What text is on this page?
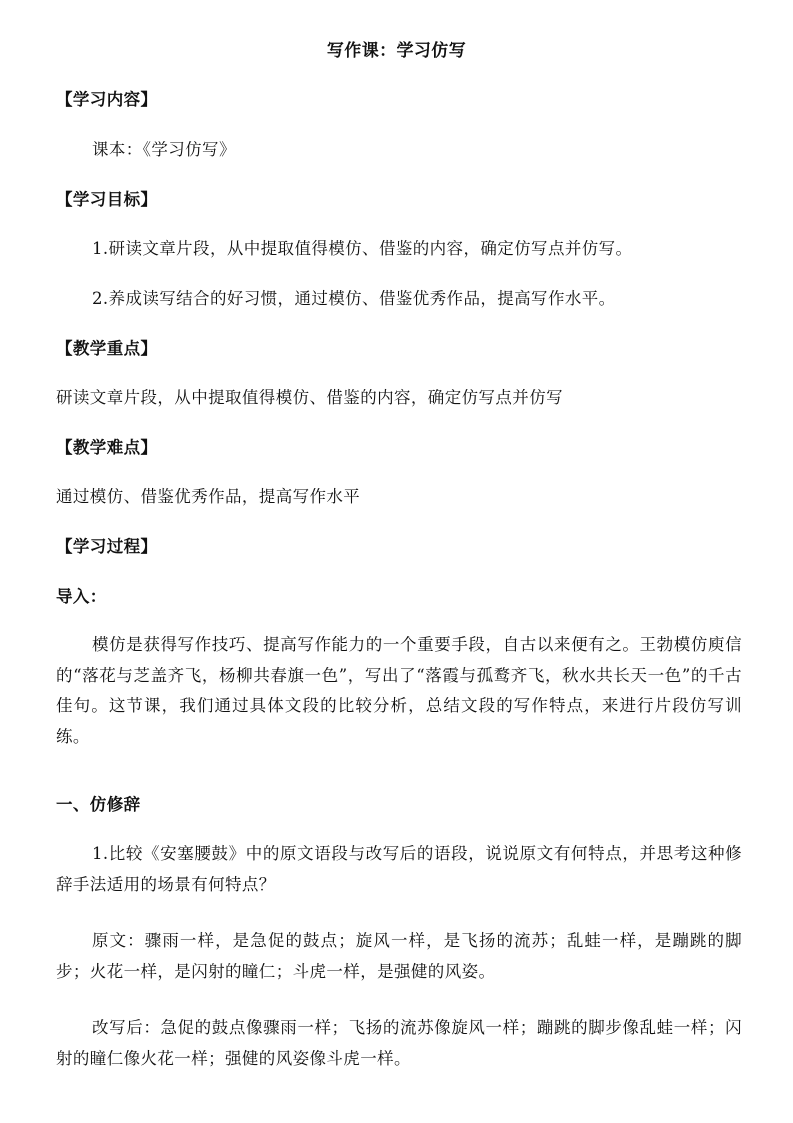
写作课：学习仿写
【学习内容】
课本：《学习仿写》
【学习目标】
1.研读文章片段，从中提取值得模仿、借鉴的内容，确定仿写点并仿写。
2.养成读写结合的好习惯，通过模仿、借鉴优秀作品，提高写作水平。
【教学重点】
研读文章片段，从中提取值得模仿、借鉴的内容，确定仿写点并仿写
【教学难点】
通过模仿、借鉴优秀作品，提高写作水平
【学习过程】
导入：
模仿是获得写作技巧、提高写作能力的一个重要手段，自古以来便有之。王勃模仿庾信的“落花与芝盖齐飞，杨柳共春旗一色”，写出了“落霞与孤鹜齐飞，秋水共长天一色”的千古佳句。这节课，我们通过具体文段的比较分析，总结文段的写作特点，来进行片段仿写训练。
一、仿修辞
1.比较《安塞腰鼓》中的原文语段与改写后的语段，说说原文有何特点，并思考这种修辞手法适用的场景有何特点？
原文：骤雨一样，是急促的鼓点；旋风一样，是飞扬的流苏；乱蛙一样，是蹦跳的脚步；火花一样，是闪射的瞳仁；斗虎一样，是强健的风姿。
改写后：急促的鼓点像骤雨一样；飞扬的流苏像旋风一样；蹦跳的脚步像乱蛙一样；闪射的瞳仁像火花一样；强健的风姿像斗虎一样。
